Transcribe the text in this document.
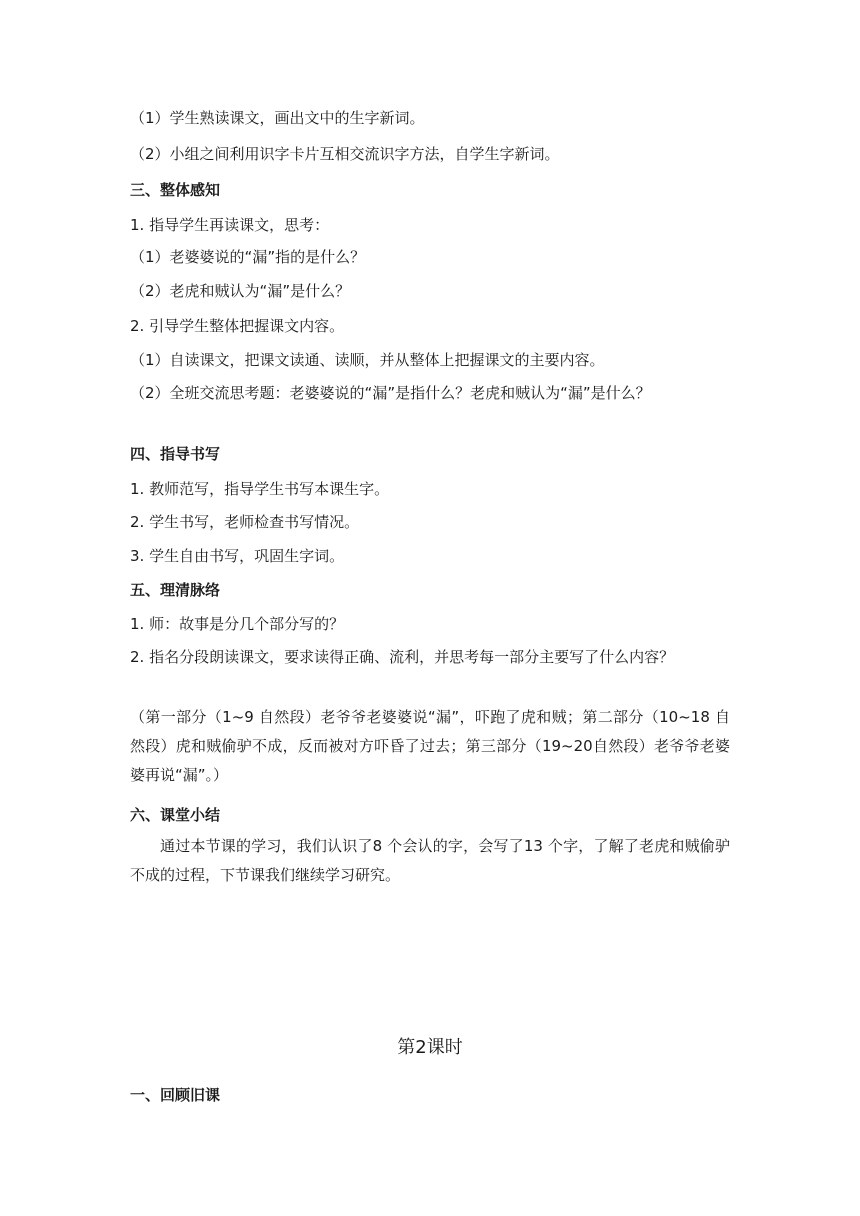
（1）学生熟读课文，画出文中的生字新词。
（2）小组之间利用识字卡片互相交流识字方法，自学生字新词。
三、整体感知
1. 指导学生再读课文，思考：
（1）老婆婆说的“漏”指的是什么？
（2）老虎和贼认为“漏”是什么？
2. 引导学生整体把握课文内容。
（1）自读课文，把课文读通、读顺，并从整体上把握课文的主要内容。
（2）全班交流思考题：老婆婆说的“漏”是指什么？老虎和贼认为“漏”是什么？
四、指导书写
1. 教师范写，指导学生书写本课生字。
2. 学生书写，老师检查书写情况。
3. 学生自由书写，巩固生字词。
五、理清脉络
1. 师：故事是分几个部分写的？
2. 指名分段朗读课文，要求读得正确、流利，并思考每一部分主要写了什么内容？
（第一部分（1~9 自然段）老爷爷老婆婆说“漏”，吓跑了虎和贼；第二部分（10~18 自然段）虎和贼偷驴不成，反而被对方吓昏了过去；第三部分（19~20自然段）老爷爷老婆婆再说“漏”。）
六、课堂小结
通过本节课的学习，我们认识了8 个会认的字，会写了13 个字，了解了老虎和贼偷驴不成的过程，下节课我们继续学习研究。
第2课时
一、回顾旧课
